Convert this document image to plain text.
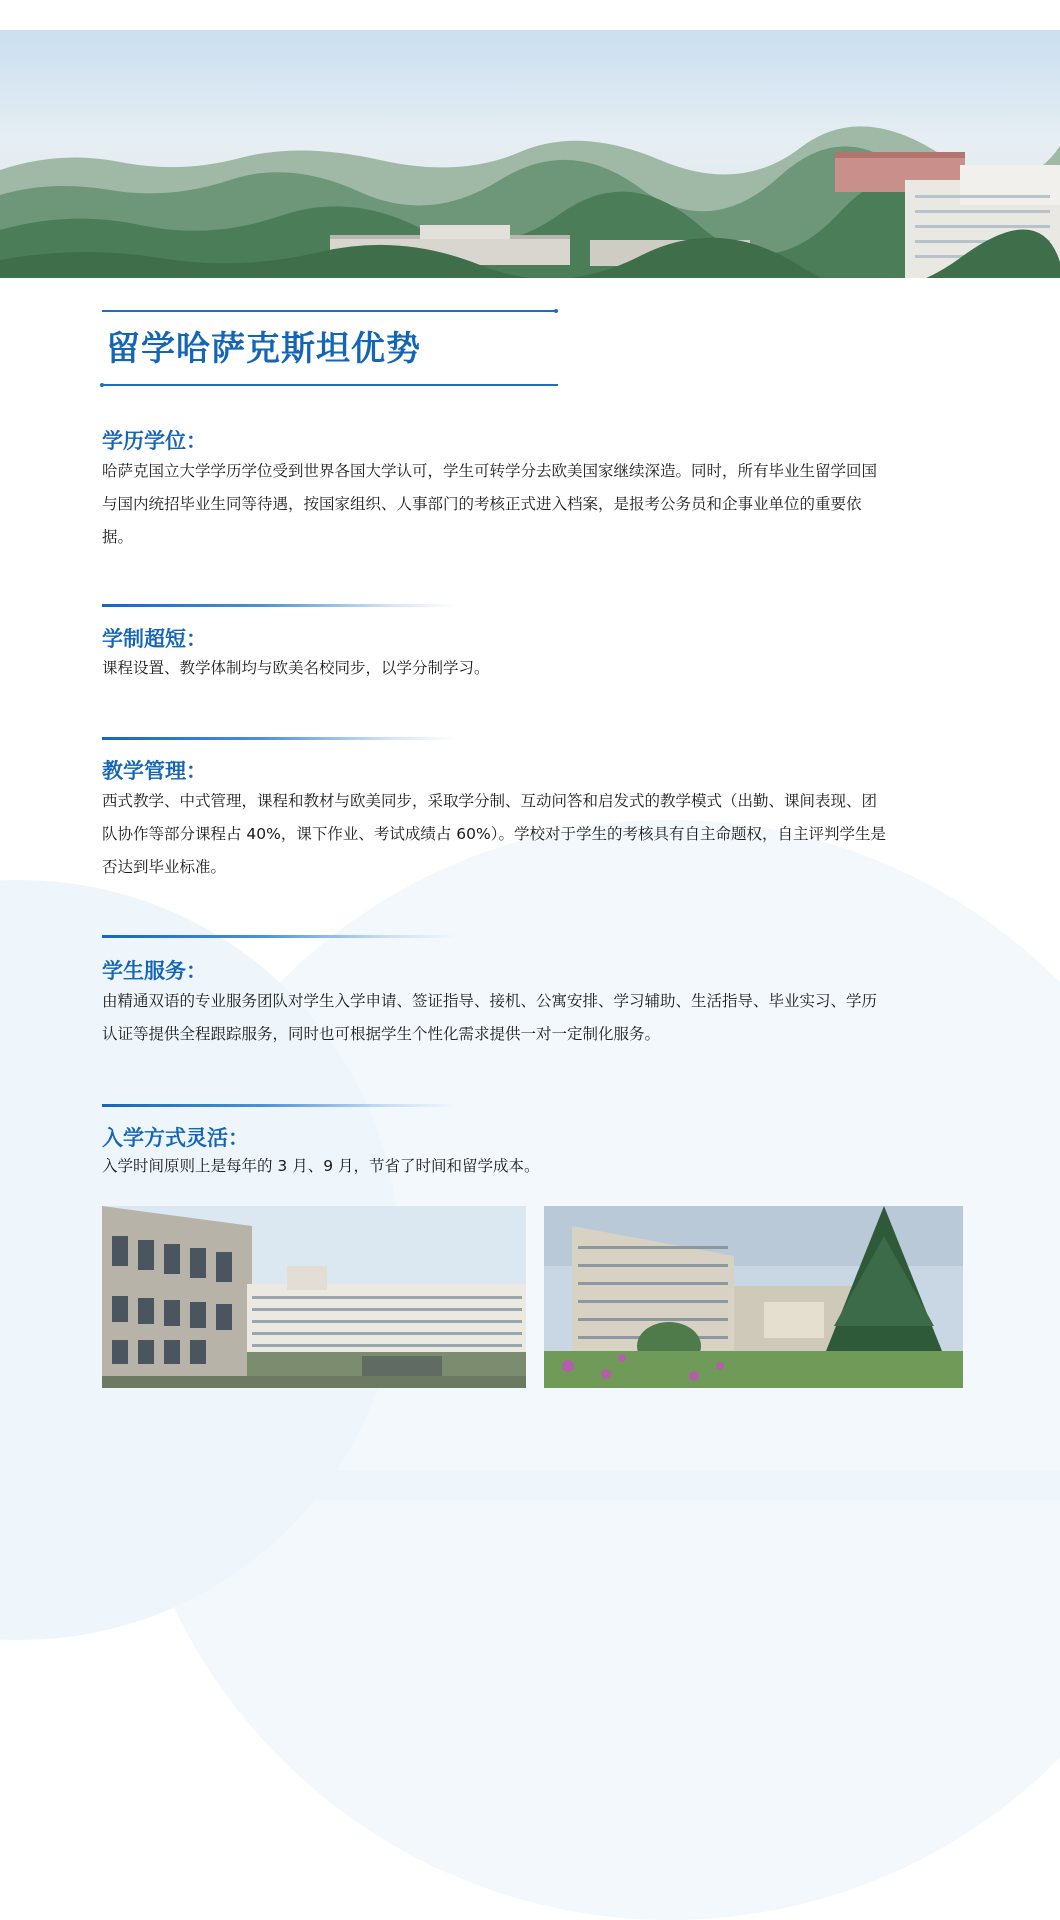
留学哈萨克斯坦优势
学历学位：

哈萨克国立大学学历学位受到世界各国大学认可，学生可转学分去欧美国家继续深造。同时，所有毕业生留学回国与国内统招毕业生同等待遇，按国家组织、人事部门的考核正式进入档案，是报考公务员和企事业单位的重要依据。

学制超短：

课程设置、教学体制均与欧美名校同步，以学分制学习。

教学管理：

西式教学、中式管理，课程和教材与欧美同步，采取学分制、互动问答和启发式的教学模式（出勤、课间表现、团队协作等部分课程占 40%，课下作业、考试成绩占 60%）。学校对于学生的考核具有自主命题权，自主评判学生是否达到毕业标准。

学生服务：

由精通双语的专业服务团队对学生入学申请、签证指导、接机、公寓安排、学习辅助、生活指导、毕业实习、学历认证等提供全程跟踪服务，同时也可根据学生个性化需求提供一对一定制化服务。

入学方式灵活：

入学时间原则上是每年的 3 月、9 月，节省了时间和留学成本。
